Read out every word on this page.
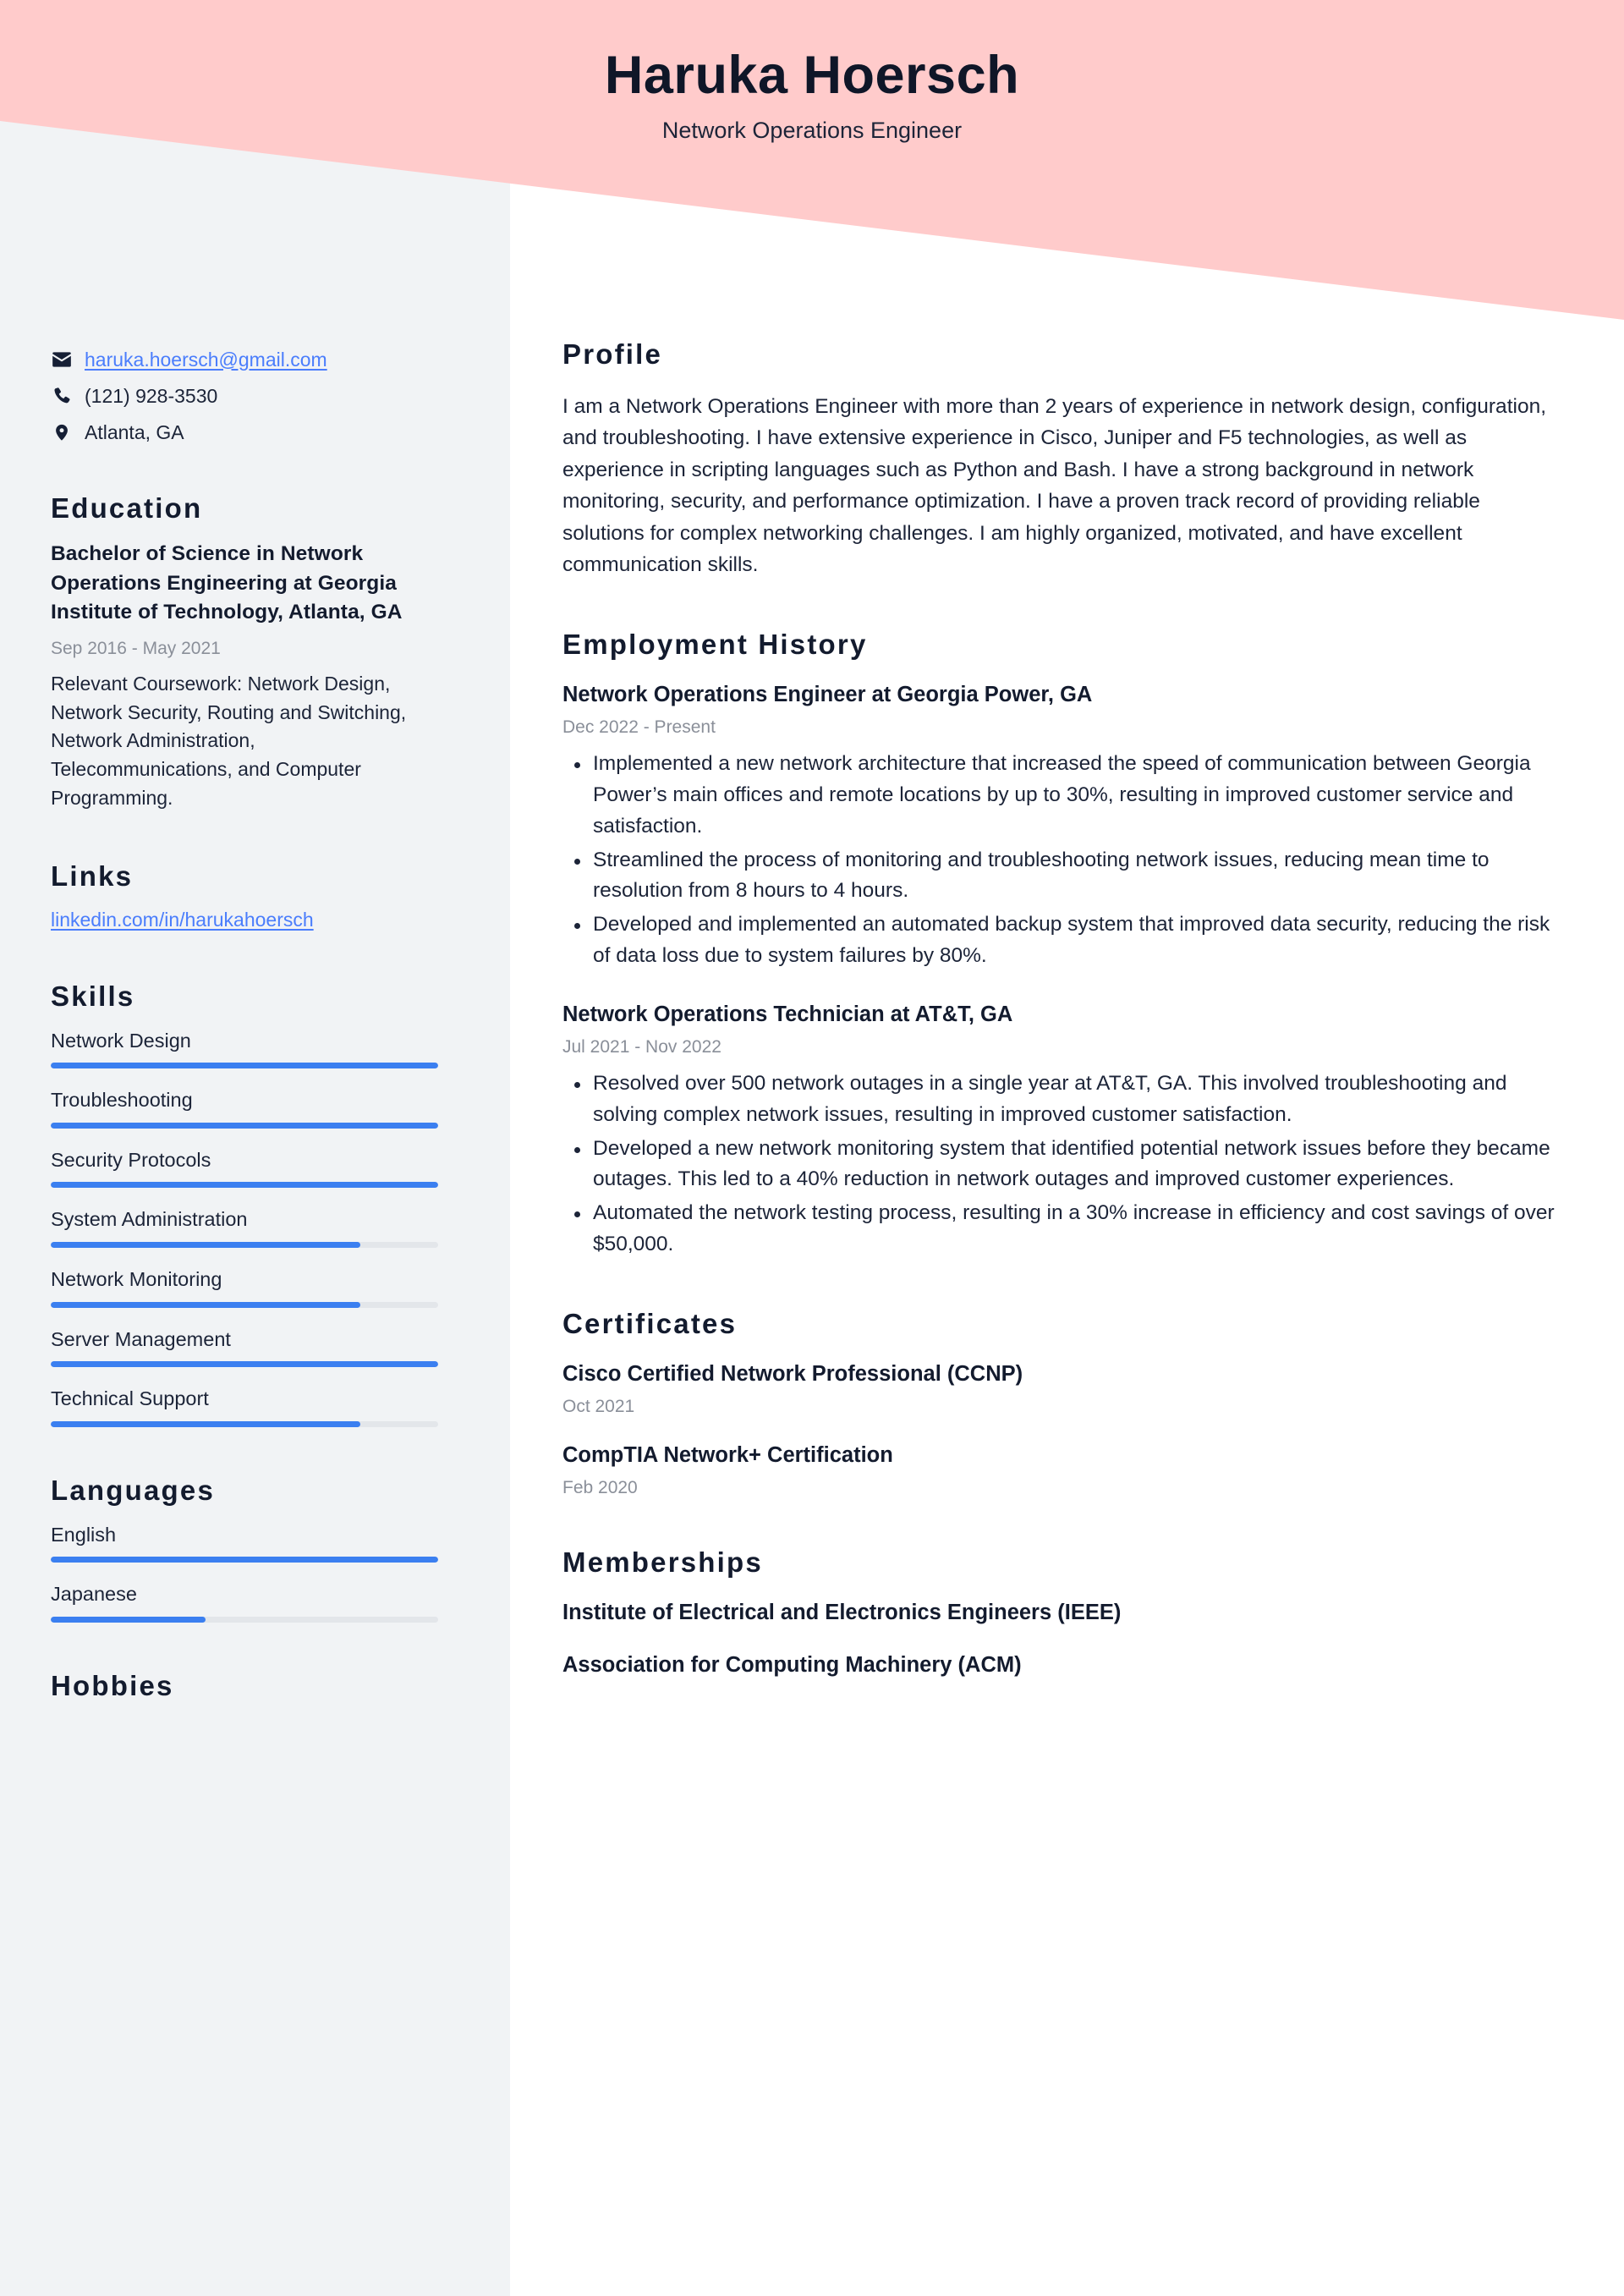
Haruka Hoersch
Network Operations Engineer
haruka.hoersch@gmail.com
(121) 928-3530
Atlanta, GA
Education
Bachelor of Science in Network Operations Engineering at Georgia Institute of Technology, Atlanta, GA
Sep 2016 - May 2021
Relevant Coursework: Network Design, Network Security, Routing and Switching, Network Administration, Telecommunications, and Computer Programming.
Links
linkedin.com/in/harukahoersch
Skills
Network Design
Troubleshooting
Security Protocols
System Administration
Network Monitoring
Server Management
Technical Support
Languages
English
Japanese
Hobbies
Profile
I am a Network Operations Engineer with more than 2 years of experience in network design, configuration, and troubleshooting. I have extensive experience in Cisco, Juniper and F5 technologies, as well as experience in scripting languages such as Python and Bash. I have a strong background in network monitoring, security, and performance optimization. I have a proven track record of providing reliable solutions for complex networking challenges. I am highly organized, motivated, and have excellent communication skills.
Employment History
Network Operations Engineer at Georgia Power, GA
Dec 2022 - Present
Implemented a new network architecture that increased the speed of communication between Georgia Power’s main offices and remote locations by up to 30%, resulting in improved customer service and satisfaction.
Streamlined the process of monitoring and troubleshooting network issues, reducing mean time to resolution from 8 hours to 4 hours.
Developed and implemented an automated backup system that improved data security, reducing the risk of data loss due to system failures by 80%.
Network Operations Technician at AT&T, GA
Jul 2021 - Nov 2022
Resolved over 500 network outages in a single year at AT&T, GA. This involved troubleshooting and solving complex network issues, resulting in improved customer satisfaction.
Developed a new network monitoring system that identified potential network issues before they became outages. This led to a 40% reduction in network outages and improved customer experiences.
Automated the network testing process, resulting in a 30% increase in efficiency and cost savings of over $50,000.
Certificates
Cisco Certified Network Professional (CCNP)
Oct 2021
CompTIA Network+ Certification
Feb 2020
Memberships
Institute of Electrical and Electronics Engineers (IEEE)
Association for Computing Machinery (ACM)
